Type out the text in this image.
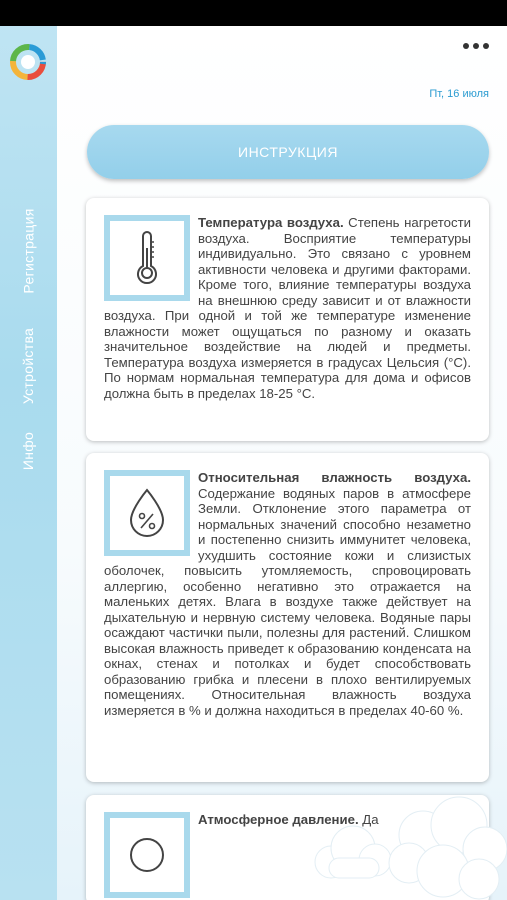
Регистрация
Устройства
Инфо
Пт, 16 июля
ИНСТРУКЦИЯ

Температура воздуха. Степень нагретости воздуха. Восприятие температуры индивидуально. Это связано с уровнем активности человека и другими факторами. Кроме того, влияние температуры воздуха на внешнюю среду зависит и от влажности воздуха. При одной и той же температуре изменение влажности может ощущаться по разному и оказать значительное воздействие на людей и предметы. Температура воздуха измеряется в градусах Цельсия (°С). По нормам нормальная температура для дома и офисов должна быть в пределах 18-25 °С.

Относительная влажность воздуха. Содержание водяных паров в атмосфере Земли. Отклонение этого параметра от нормальных значений способно незаметно и постепенно снизить иммунитет человека, ухудшить состояние кожи и слизистых оболочек, повысить утомляемость, спровоцировать аллергию, особенно негативно это отражается на маленьких детях. Влага в воздухе также действует на дыхательную и нервную систему человека. Водяные пары осаждают частички пыли, полезны для растений. Слишком высокая влажность приведет к образованию конденсата на окнах, стенах и потолках и будет способствовать образованию грибка и плесени в плохо вентилируемых помещениях. Относительная влажность воздуха измеряется в % и должна находиться в пределах 40-60 %.

Атмосферное давление. Да
